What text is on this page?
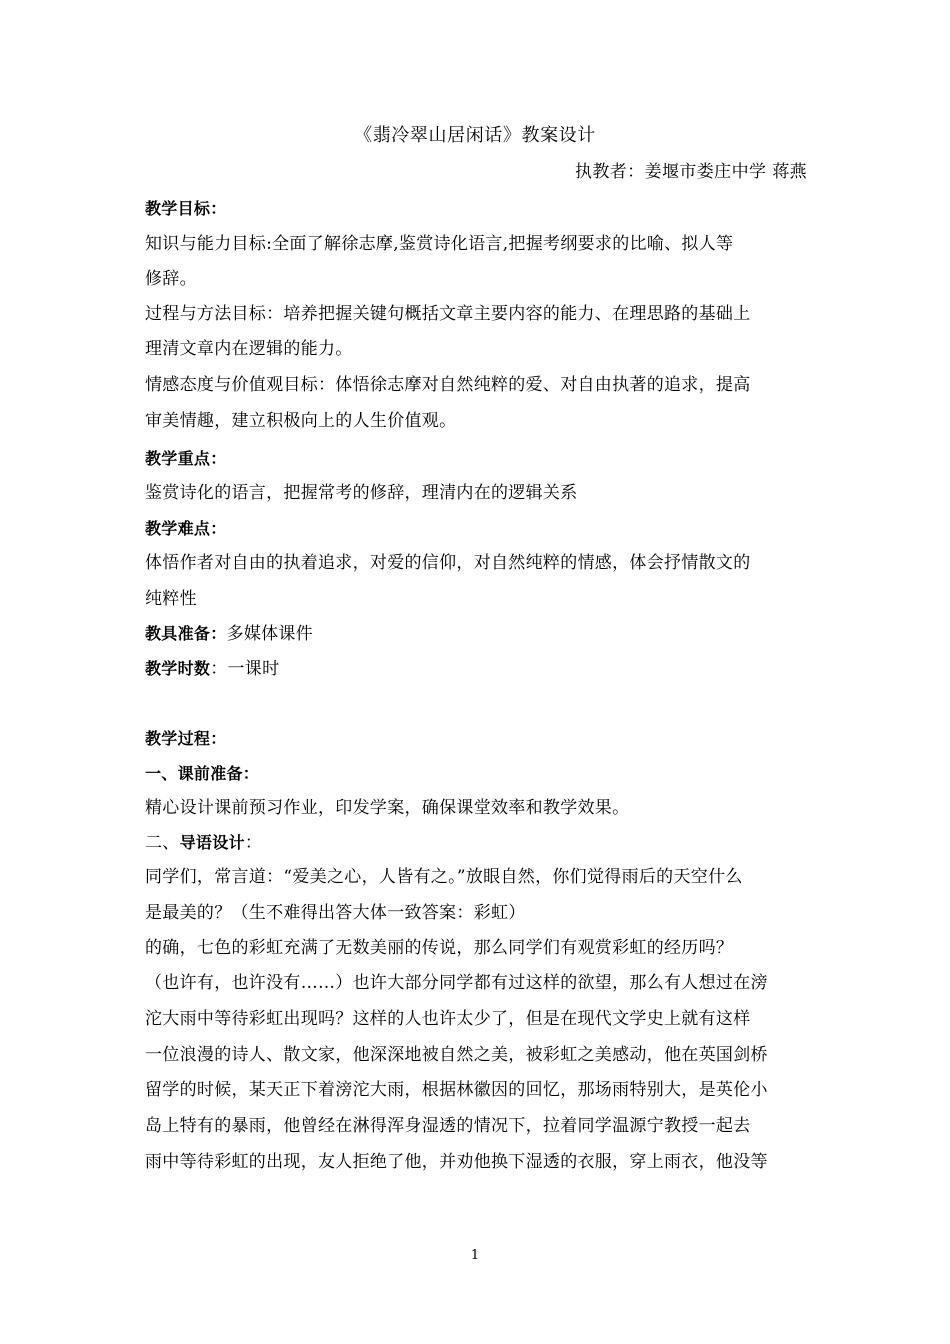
《翡冷翠山居闲话》教案设计
执教者：姜堰市娄庄中学 蒋燕
教学目标：
知识与能力目标:全面了解徐志摩,鉴赏诗化语言,把握考纲要求的比喻、拟人等
修辞。
过程与方法目标：培养把握关键句概括文章主要内容的能力、在理思路的基础上
理清文章内在逻辑的能力。
情感态度与价值观目标：体悟徐志摩对自然纯粹的爱、对自由执著的追求，提高
审美情趣，建立积极向上的人生价值观。
教学重点：
鉴赏诗化的语言，把握常考的修辞，理清内在的逻辑关系
教学难点：
体悟作者对自由的执着追求，对爱的信仰，对自然纯粹的情感，体会抒情散文的
纯粹性
教具准备：多媒体课件
教学时数：一课时
教学过程：
一、课前准备：
精心设计课前预习作业，印发学案，确保课堂效率和教学效果。
二、导语设计：
同学们，常言道：“爱美之心，人皆有之。”放眼自然，你们觉得雨后的天空什么
是最美的？（生不难得出答大体一致答案：彩虹）
的确，七色的彩虹充满了无数美丽的传说，那么同学们有观赏彩虹的经历吗？
（也许有，也许没有……）也许大部分同学都有过这样的欲望，那么有人想过在滂
沱大雨中等待彩虹出现吗？这样的人也许太少了，但是在现代文学史上就有这样
一位浪漫的诗人、散文家，他深深地被自然之美，被彩虹之美感动，他在英国剑桥
留学的时候，某天正下着滂沱大雨，根据林徽因的回忆，那场雨特别大，是英伦小
岛上特有的暴雨，他曾经在淋得浑身湿透的情况下，拉着同学温源宁教授一起去
雨中等待彩虹的出现，友人拒绝了他，并劝他换下湿透的衣服，穿上雨衣，他没等
1
